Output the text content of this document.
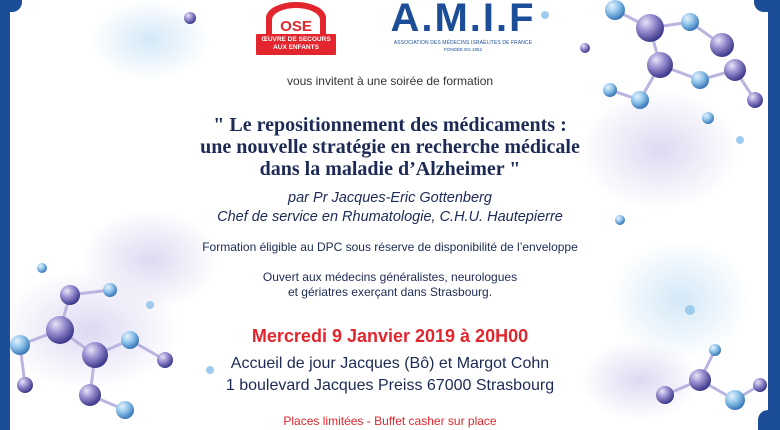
OSE
ŒUVRE DE SECOURS
AUX ENFANTS
A.M.I.F
ASSOCIATION DES MÉDECINS ISRAÉLITES DE FRANCE
FONDÉE EN 1952
vous invitent à une soirée de formation
" Le repositionnement des médicaments :
une nouvelle stratégie en recherche médicale
dans la maladie d’Alzheimer "
par Pr Jacques-Eric Gottenberg
Chef de service en Rhumatologie, C.H.U. Hautepierre
Formation éligible au DPC sous réserve de disponibilité de l’enveloppe
Ouvert aux médecins généralistes, neurologues
et gériatres exerçant dans Strasbourg.
Mercredi 9 Janvier 2019 à 20H00
Accueil de jour Jacques (Bô) et Margot Cohn
1 boulevard Jacques Preiss 67000 Strasbourg
Places limitées - Buffet casher sur place
